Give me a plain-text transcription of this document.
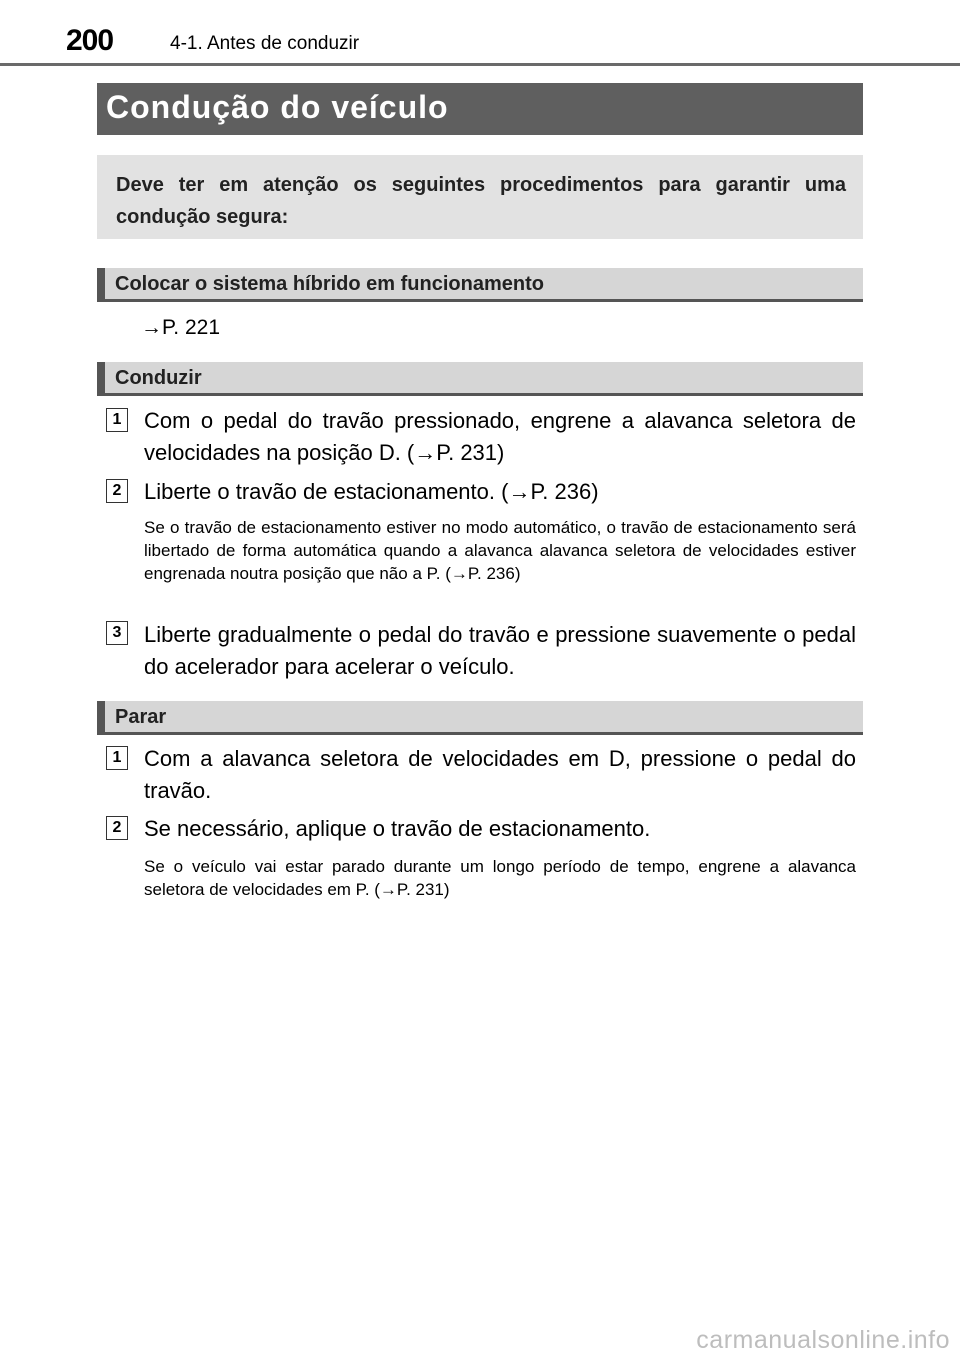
200	4-1. Antes de conduzir
Condução do veículo
Deve ter em atenção os seguintes procedimentos para garantir uma condução segura:
Colocar o sistema híbrido em funcionamento
→P. 221
Conduzir
1 Com o pedal do travão pressionado, engrene a alavanca seletora de velocidades na posição D. (→P. 231)
2 Liberte o travão de estacionamento. (→P. 236)
Se o travão de estacionamento estiver no modo automático, o travão de estacionamento será libertado de forma automática quando a alavanca alavanca seletora de velocidades estiver engrenada noutra posição que não a P. (→P. 236)
3 Liberte gradualmente o pedal do travão e pressione suavemente o pedal do acelerador para acelerar o veículo.
Parar
1 Com a alavanca seletora de velocidades em D, pressione o pedal do travão.
2 Se necessário, aplique o travão de estacionamento.
Se o veículo vai estar parado durante um longo período de tempo, engrene a alavanca seletora de velocidades em P. (→P. 231)
carmanualsonline.info
